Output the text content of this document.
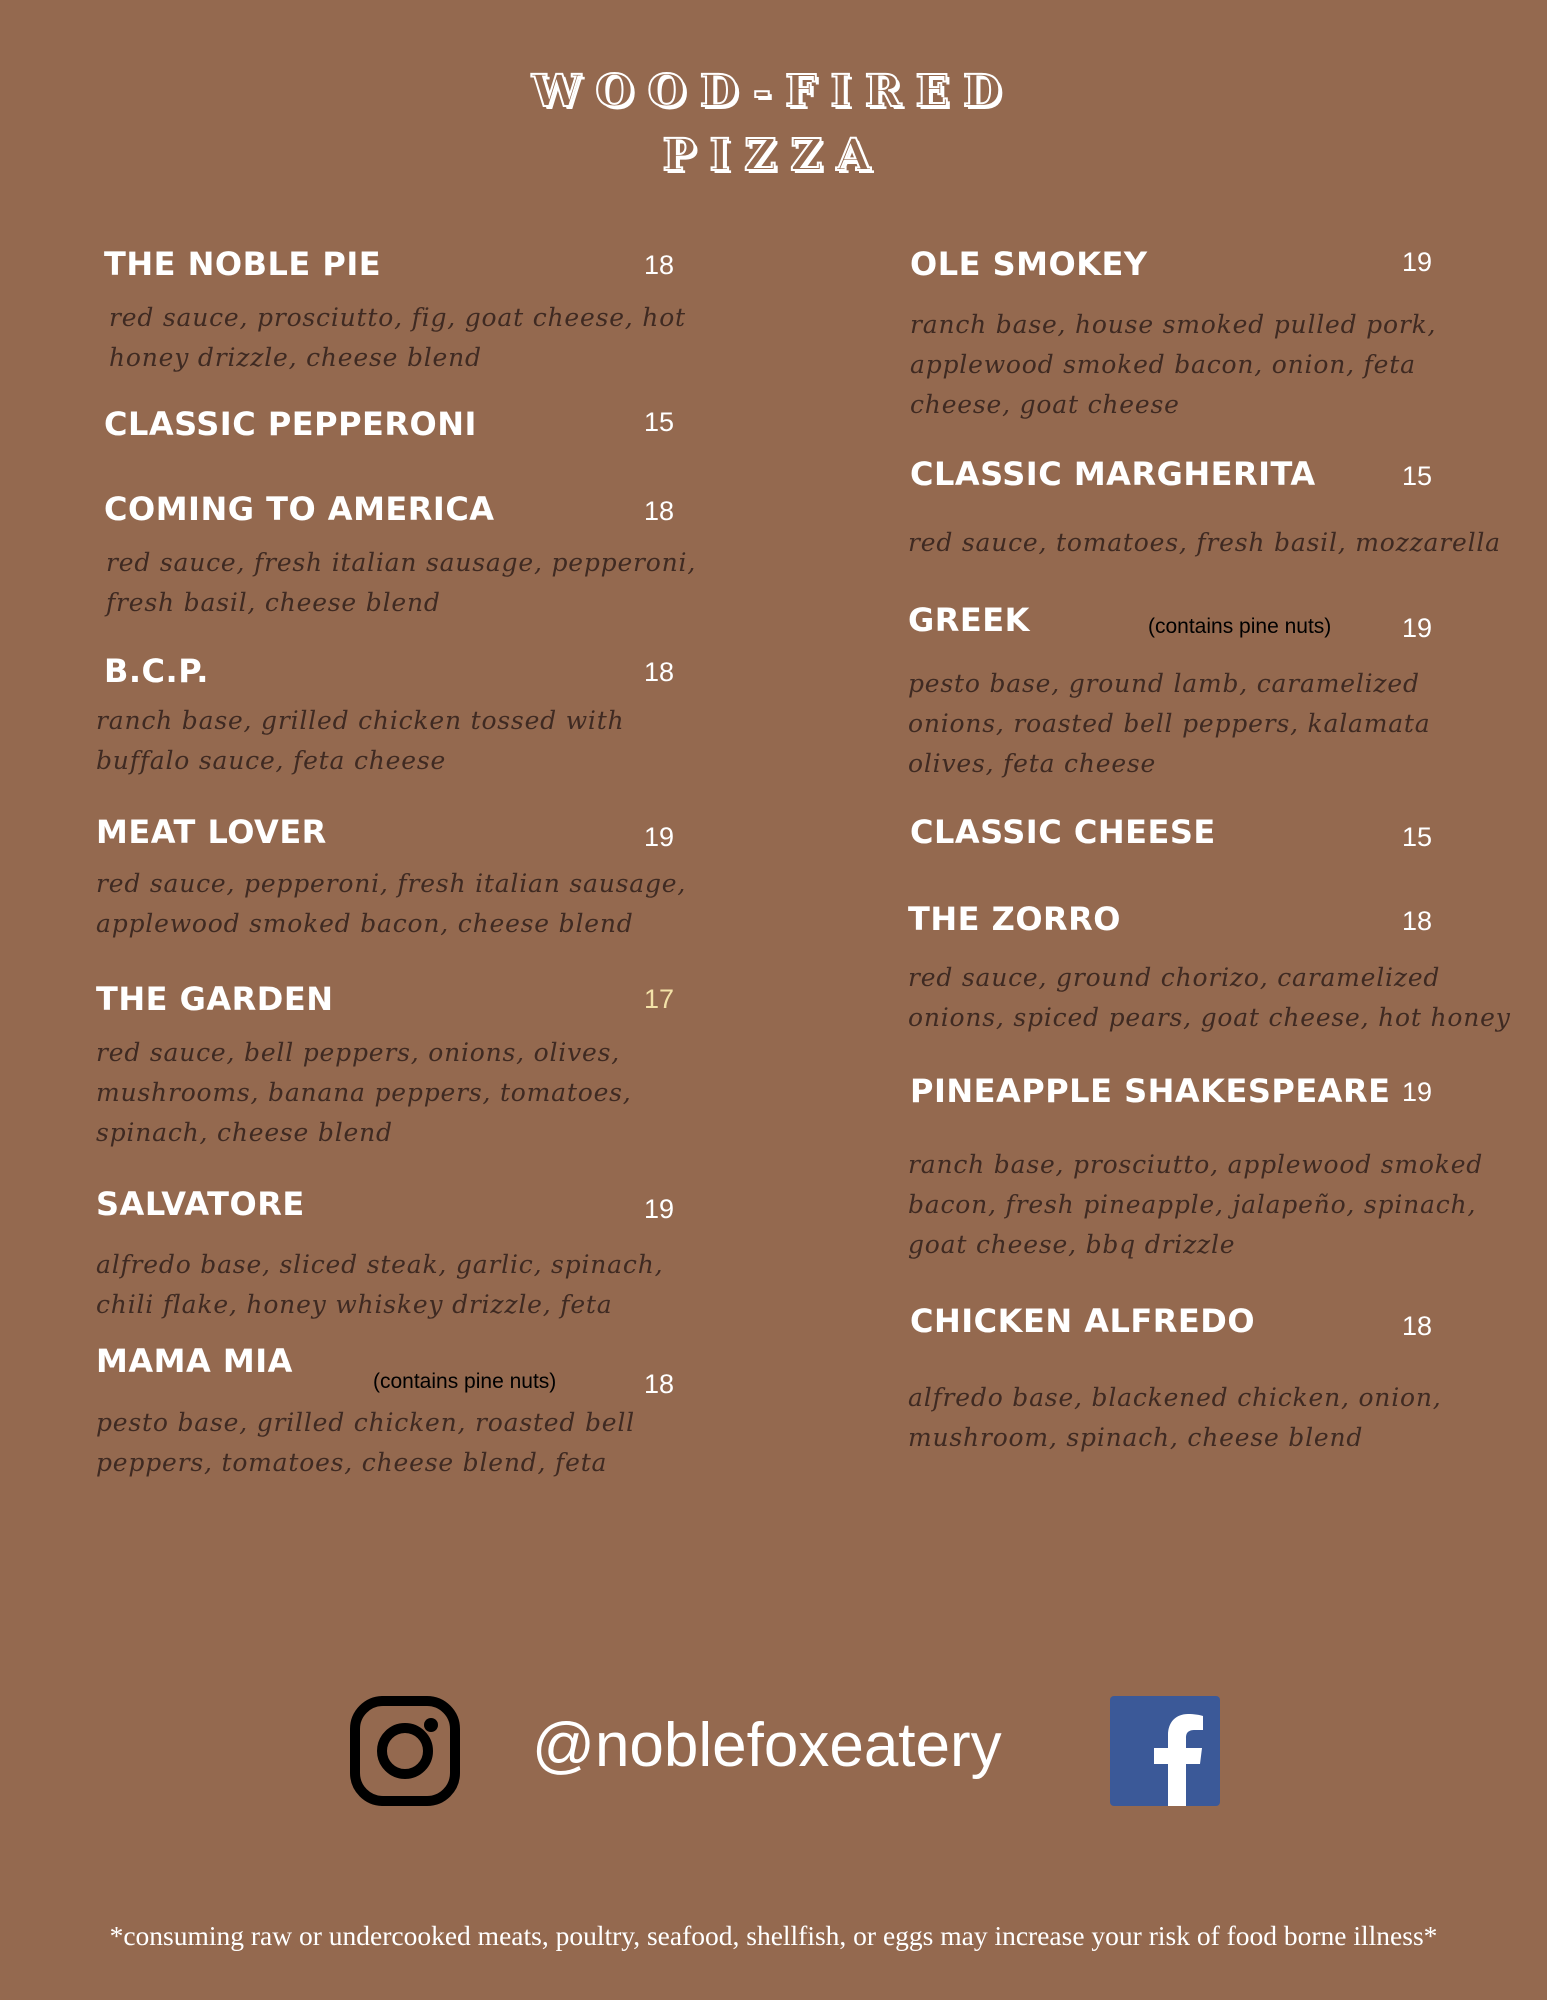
WOOD-FIRED
PIZZA
THE NOBLE PIE	18
red sauce, prosciutto, fig, goat cheese, hot honey drizzle, cheese blend
CLASSIC PEPPERONI	15
COMING TO AMERICA	18
red sauce, fresh italian sausage, pepperoni, fresh basil, cheese blend
B.C.P.	18
ranch base, grilled chicken tossed with buffalo sauce, feta cheese
MEAT LOVER	19
red sauce, pepperoni, fresh italian sausage, applewood smoked bacon, cheese blend
THE GARDEN	17
red sauce, bell peppers, onions, olives, mushrooms, banana peppers, tomatoes, spinach, cheese blend
SALVATORE	19
alfredo base, sliced steak, garlic, spinach, chili flake, honey whiskey drizzle, feta
MAMA MIA
(contains pine nuts)	18
pesto base, grilled chicken, roasted bell peppers, tomatoes, cheese blend, feta
OLE SMOKEY	19
ranch base, house smoked pulled pork, applewood smoked bacon, onion, feta cheese, goat cheese
CLASSIC MARGHERITA	15
red sauce, tomatoes, fresh basil, mozzarella
GREEK	(contains pine nuts)	19
pesto base, ground lamb, caramelized onions, roasted bell peppers, kalamata olives, feta cheese
CLASSIC CHEESE	15
THE ZORRO	18
red sauce, ground chorizo, caramelized onions, spiced pears, goat cheese, hot honey
PINEAPPLE SHAKESPEARE 19
ranch base, prosciutto, applewood smoked bacon, fresh pineapple, jalapeño, spinach, goat cheese, bbq drizzle
CHICKEN ALFREDO	18
alfredo base, blackened chicken, onion, mushroom, spinach, cheese blend
@noblefoxeatery
*consuming raw or undercooked meats, poultry, seafood, shellfish, or eggs may increase your risk of food borne illness*
